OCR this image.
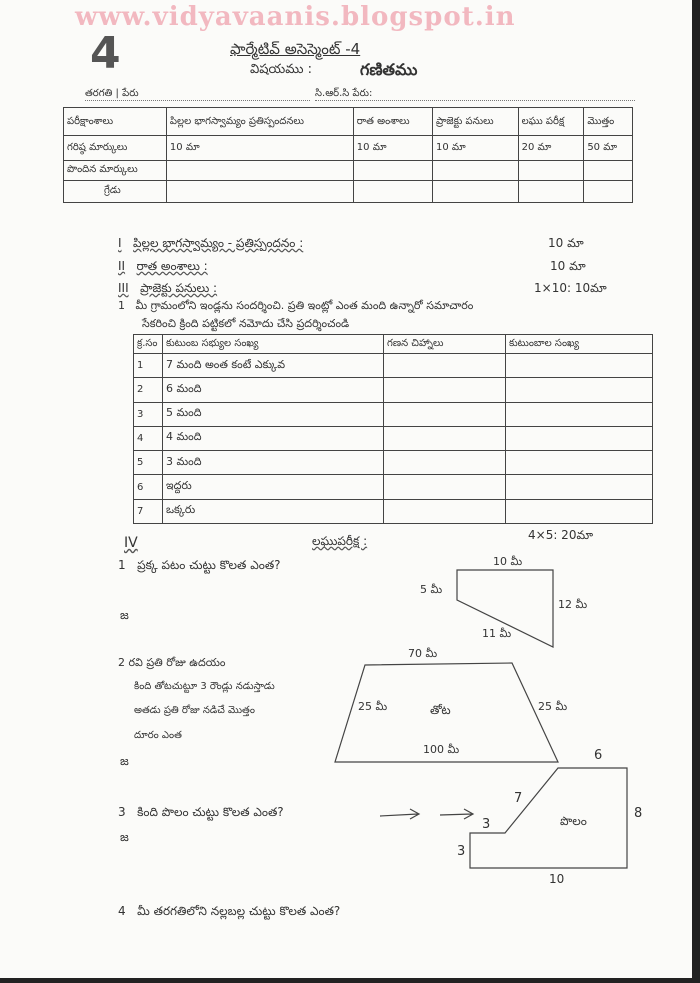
www.vidyavaanis.blogspot.in
4	ఫార్మేటివ్ అసెస్మెంట్ -4
విషయము :	గణితము
తరగతి | పేరు	సి.ఆర్.సి పేరు:
పరీక్షాంశాలు	పిల్లల భాగస్వామ్యం ప్రతిస్పందనలు	రాత అంశాలు	ప్రాజెక్టు పనులు	లఘు పరీక్ష	మొత్తం
గరిష్ఠ మార్కులు	10 మా	10 మా	10 మా	20 మా	50 మా
పొందిన మార్కులు					
గ్రేడు					
I పిల్లల భాగస్వామ్యం - ప్రతిస్పందనం :	10 మా
II రాత అంశాలు :	10 మా
III ప్రాజెక్టు పనులు :	1×10: 10మా
1 మీ గ్రామంలోని ఇండ్లను సందర్శించి. ప్రతి ఇంట్లో ఎంత మంది ఉన్నారో సమాచారం
సేకరించి క్రింది పట్టికలో నమోదు చేసి ప్రదర్శించండి
క్ర.సం	కుటుంబ సభ్యుల సంఖ్య	గణన చిహ్నాలు	కుటుంబాల సంఖ్య
1	7 మంది అంత కంటే ఎక్కువ		
2	6 మంది		
3	5 మంది		
4	4 మంది		
5	3 మంది		
6	ఇద్దరు		
7	ఒక్కరు		
4×5: 20మా
IV	లఘుపరీక్ష :
1 ప్రక్క పటం చుట్టు కొలత ఎంత?
జ
10 మీ
5 మీ
12 మీ
11 మీ
2 రవి ప్రతి రోజు ఉదయం
కింది తోటచుట్టూ 3 రౌండ్లు నడుస్తాడు
అతడు ప్రతి రోజు నడిచే మొత్తం
దూరం ఎంత
జ
70 మీ
25 మీ	25 మీ
100 మీ
తోట
3 కింది పొలం చుట్టు కొలత ఎంత?
జ
6
8
7
3
3
10
పొలం
4 మీ తరగతిలోని నల్లబల్ల చుట్టు కొలత ఎంత?
